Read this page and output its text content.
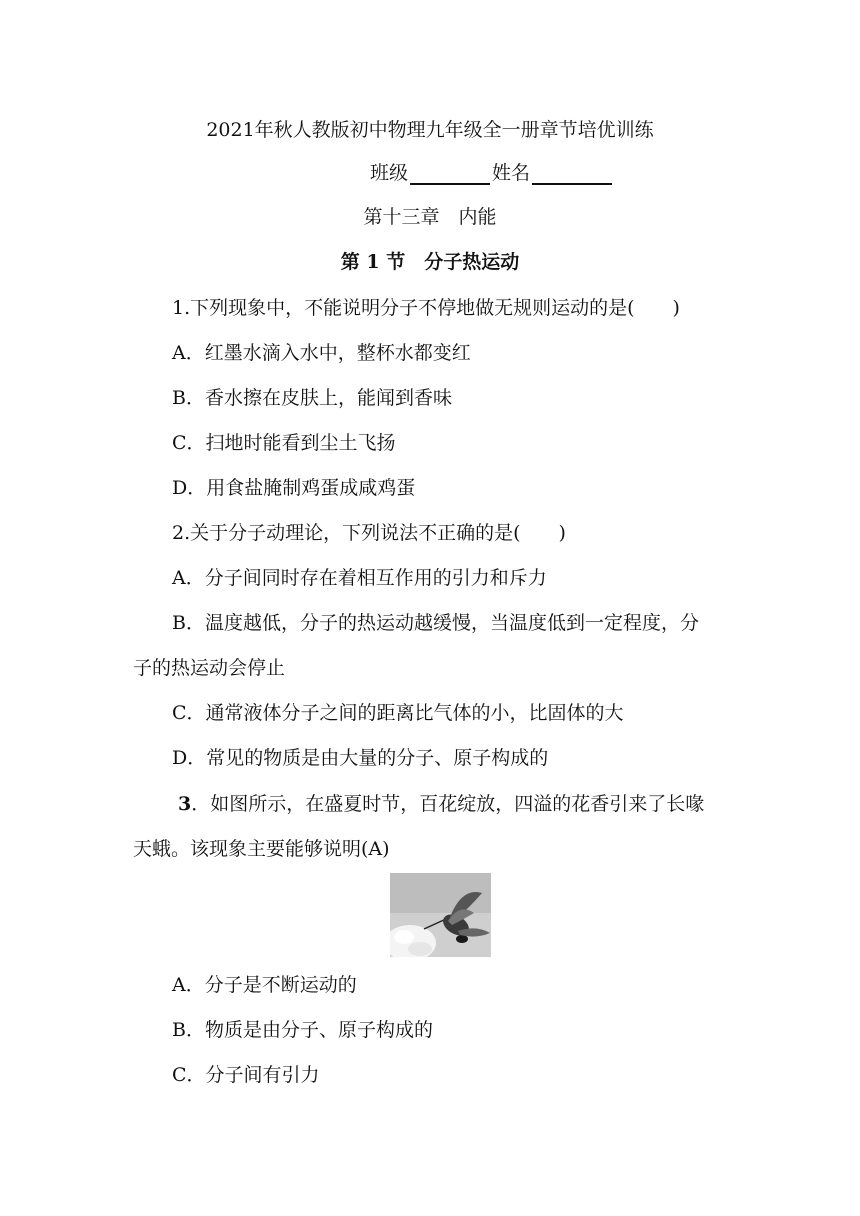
2021年秋人教版初中物理九年级全一册章节培优训练
班级	姓名
第十三章　内能
第 1 节　分子热运动
1.下列现象中，不能说明分子不停地做无规则运动的是(　　)
A．红墨水滴入水中，整杯水都变红
B．香水擦在皮肤上，能闻到香味
C．扫地时能看到尘土飞扬
D．用食盐腌制鸡蛋成咸鸡蛋
2.关于分子动理论，下列说法不正确的是(　　)
A．分子间同时存在着相互作用的引力和斥力
B．温度越低，分子的热运动越缓慢，当温度低到一定程度，分
子的热运动会停止
C．通常液体分子之间的距离比气体的小，比固体的大
D．常见的物质是由大量的分子、原子构成的
3．如图所示，在盛夏时节，百花绽放，四溢的花香引来了长喙
天蛾。该现象主要能够说明(A)
A．分子是不断运动的
B．物质是由分子、原子构成的
C．分子间有引力
